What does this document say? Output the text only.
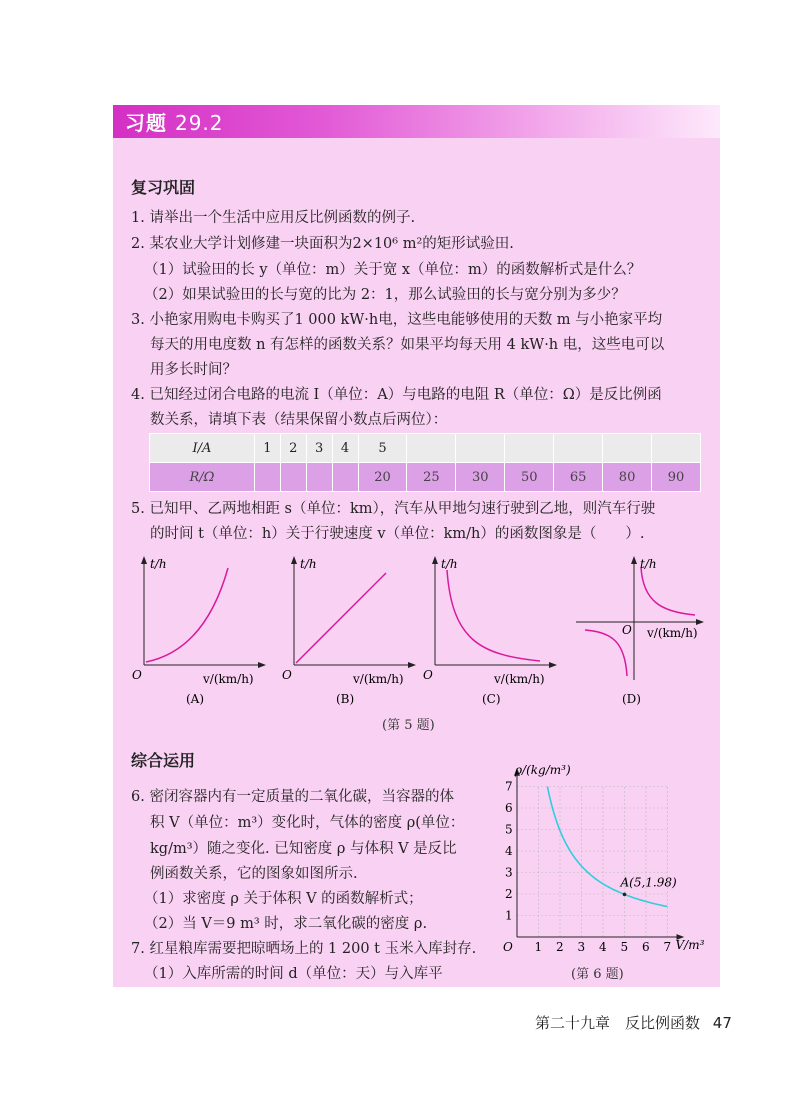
习题 29.2
复习巩固
1. 请举出一个生活中应用反比例函数的例子.
2. 某农业大学计划修建一块面积为2×10⁶ m²的矩形试验田.
（1）试验田的长 y（单位：m）关于宽 x（单位：m）的函数解析式是什么？
（2）如果试验田的长与宽的比为 2：1，那么试验田的长与宽分别为多少？
3. 小艳家用购电卡购买了1 000 kW·h电，这些电能够使用的天数 m 与小艳家平均
每天的用电度数 n 有怎样的函数关系？如果平均每天用 4 kW·h 电，这些电可以
用多长时间？
4. 已知经过闭合电路的电流 I（单位：A）与电路的电阻 R（单位：Ω）是反比例函
数关系，请填下表（结果保留小数点后两位）：
I/A	1	2	3	4	5						
R/Ω					20	25	30	50	65	80	90
5. 已知甲、乙两地相距 s（单位：km），汽车从甲地匀速行驶到乙地，则汽车行驶
的时间 t（单位：h）关于行驶速度 v（单位：km/h）的函数图象是（　　）.
t/h
O	v/(km/h)
t/h
O	v/(km/h)
t/h
O	v/(km/h)
t/h
O v/(km/h)
(A)	(B)	(C)	(D)
(第 5 题)
综合运用
6. 密闭容器内有一定质量的二氧化碳，当容器的体
积 V（单位：m³）变化时，气体的密度 ρ(单位：
kg/m³）随之变化. 已知密度 ρ 与体积 V 是反比
例函数关系，它的图象如图所示.
（1）求密度 ρ 关于体积 V 的函数解析式；
（2）当 V＝9 m³ 时，求二氧化碳的密度 ρ.
7. 红星粮库需要把晾晒场上的 1 200 t 玉米入库封存.
（1）入库所需的时间 d（单位：天）与入库平
1 2 3 4 5 6 7
1
2
3
4
5
6
7
A(5,1.98)
ρ/(kg/m³)
V/m³
O
(第 6 题)
第二十九章　反比例函数 47
